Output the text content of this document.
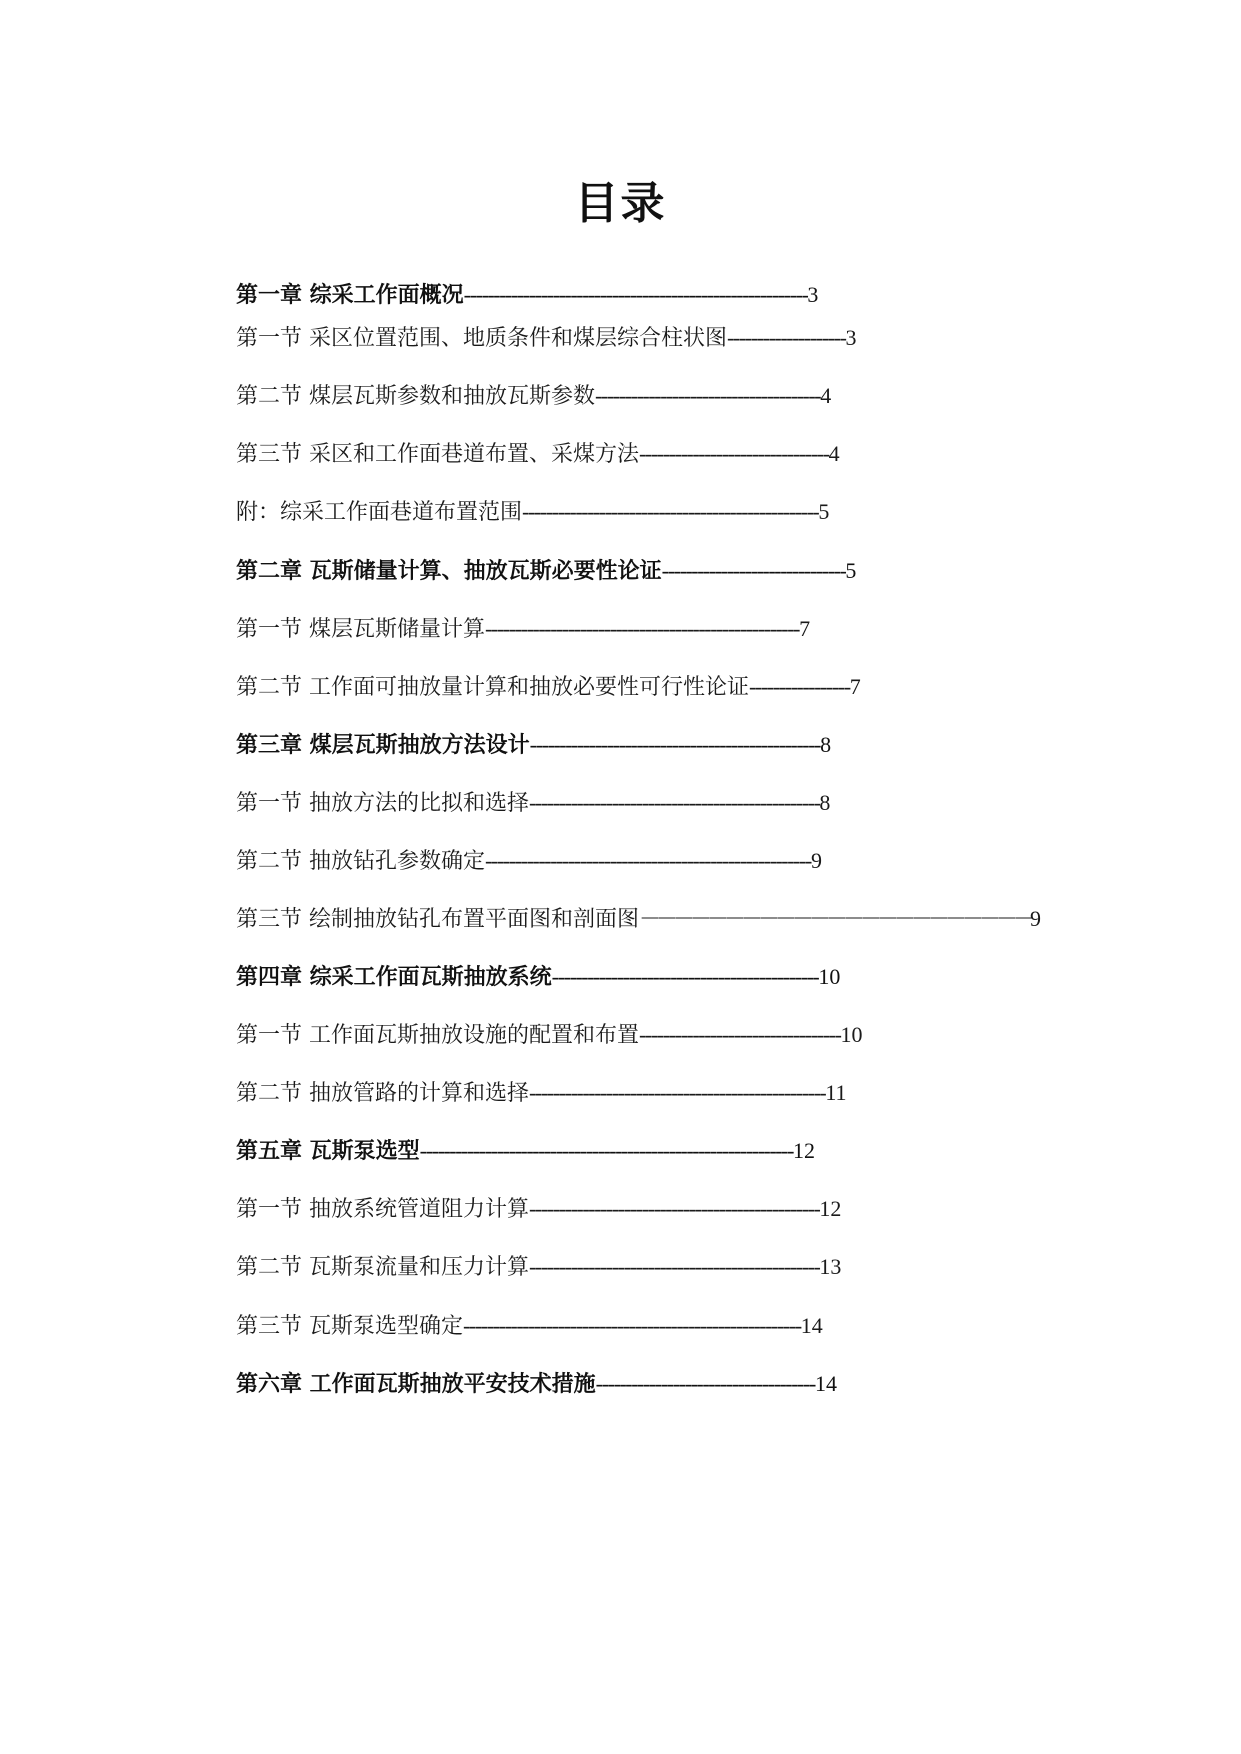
目录
第一章 综采工作面概况----------------------------------------------------------3
第一节 采区位置范围、地质条件和煤层综合柱状图--------------------3
第二节 煤层瓦斯参数和抽放瓦斯参数--------------------------------------4
第三节 采区和工作面巷道布置、采煤方法--------------------------------4
附：综采工作面巷道布置范围--------------------------------------------------5
第二章 瓦斯储量计算、抽放瓦斯必要性论证-------------------------------5
第一节 煤层瓦斯储量计算-----------------------------------------------------7
第二节 工作面可抽放量计算和抽放必要性可行性论证-----------------7
第三章 煤层瓦斯抽放方法设计-------------------------------------------------8
第一节 抽放方法的比拟和选择-------------------------------------------------8
第二节 抽放钻孔参数确定-------------------------------------------------------9
第三节 绘制抽放钻孔布置平面图和剖面图－－－－－－－－－－－－－－－－－－－－－－－9
第四章 综采工作面瓦斯抽放系统---------------------------------------------10
第一节 工作面瓦斯抽放设施的配置和布置----------------------------------10
第二节 抽放管路的计算和选择--------------------------------------------------11
第五章 瓦斯泵选型---------------------------------------------------------------12
第一节 抽放系统管道阻力计算-------------------------------------------------12
第二节 瓦斯泵流量和压力计算-------------------------------------------------13
第三节 瓦斯泵选型确定---------------------------------------------------------14
第六章 工作面瓦斯抽放平安技术措施-------------------------------------14
